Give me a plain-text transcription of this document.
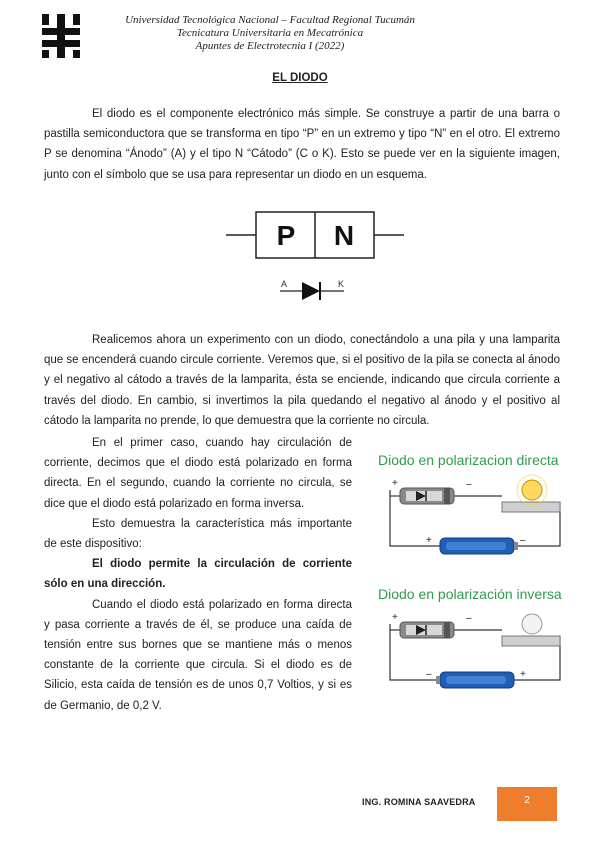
Universidad Tecnológica Nacional – Facultad Regional Tucumán
Tecnicatura Universitaria en Mecatrónica
Apuntes de Electrotecnia I (2022)
EL DIODO

El diodo es el componente electrónico más simple. Se construye a partir de una barra o pastilla semiconductora que se transforma en tipo “P” en un extremo y tipo “N” en el otro. El extremo P se denomina “Ánodo” (A) y el tipo N “Cátodo” (C o K). Esto se puede ver en la siguiente imagen, junto con el símbolo que se usa para representar un diodo en un esquema.

P N
A	K

Realicemos ahora un experimento con un diodo, conectándolo a una pila y una lamparita que se encenderá cuando circule corriente. Veremos que, si el positivo de la pila se conecta al ánodo y el negativo al cátodo a través de la lamparita, ésta se enciende, indicando que circula corriente a través del diodo. En cambio, si invertimos la pila quedando el negativo al ánodo y el positivo al cátodo la lamparita no prende, lo que demuestra que la corriente no circula.

En el primer caso, cuando hay circulación de corriente, decimos que el diodo está polarizado en forma directa. En el segundo, cuando la corriente no circula, se dice que el diodo está polarizado en forma inversa.

Esto demuestra la característica más importante de este dispositivo:

El diodo permite la circulación de corriente sólo en una dirección.

Cuando el diodo está polarizado en forma directa y pasa corriente a través de él, se produce una caída de tensión entre sus bornes que se mantiene más o menos constante de la corriente que circula. Si el diodo es de Silicio, esta caída de tensión es de unos 0,7 Voltios, y si es de Germanio, de 0,2 V.

Diodo en polarizacion directa
+	–
+	–
Diodo en polarización inversa
+	–
–	+
ING. ROMINA SAAVEDRA	2
